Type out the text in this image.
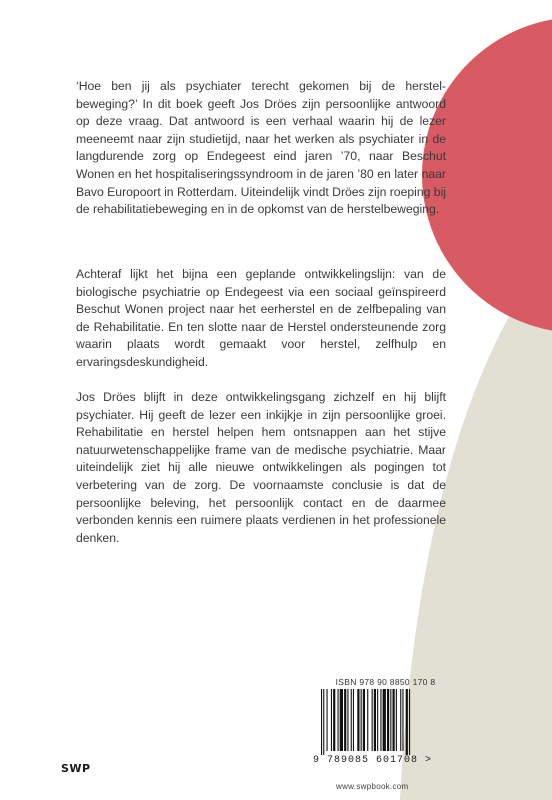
‘Hoe ben jij als psychiater terecht gekomen bij de herstel-beweging?’ In dit boek geeft Jos Dröes zijn persoonlijke antwoord op deze vraag. Dat antwoord is een verhaal waarin hij de lezer meeneemt naar zijn studietijd, naar het werken als psychiater in de langdurende zorg op Endegeest eind jaren ’70, naar Beschut Wonen en het hospitaliseringssyndroom in de jaren ’80 en later naar Bavo Europoort in Rotterdam. Uiteindelijk vindt Dröes zijn roeping bij de rehabilitatiebeweging en in de opkomst van de herstelbeweging.

Achteraf lijkt het bijna een geplande ontwikkelingslijn: van de biologische psychiatrie op Endegeest via een sociaal geïnspireerd Beschut Wonen project naar het eerherstel en de zelfbepaling van de Rehabilitatie. En ten slotte naar de Herstel ondersteunende zorg waarin plaats wordt gemaakt voor herstel, zelfhulp en ervaringsdeskundigheid.

Jos Dröes blijft in deze ontwikkelingsgang zichzelf en hij blijft psychiater. Hij geeft de lezer een inkijkje in zijn persoonlijke groei. Rehabilitatie en herstel helpen hem ontsnappen aan het stijve natuurwetenschappelijke frame van de medische psychiatrie. Maar uiteindelijk ziet hij alle nieuwe ontwikkelingen als pogingen tot verbetering van de zorg. De voornaamste conclusie is dat de persoonlijke beleving, het persoonlijk contact en de daarmee verbonden kennis een ruimere plaats verdienen in het professionele denken.

ISBN 978 90 8850 170 8
9 789085 601708 >
www.swpbook.com
SWP
